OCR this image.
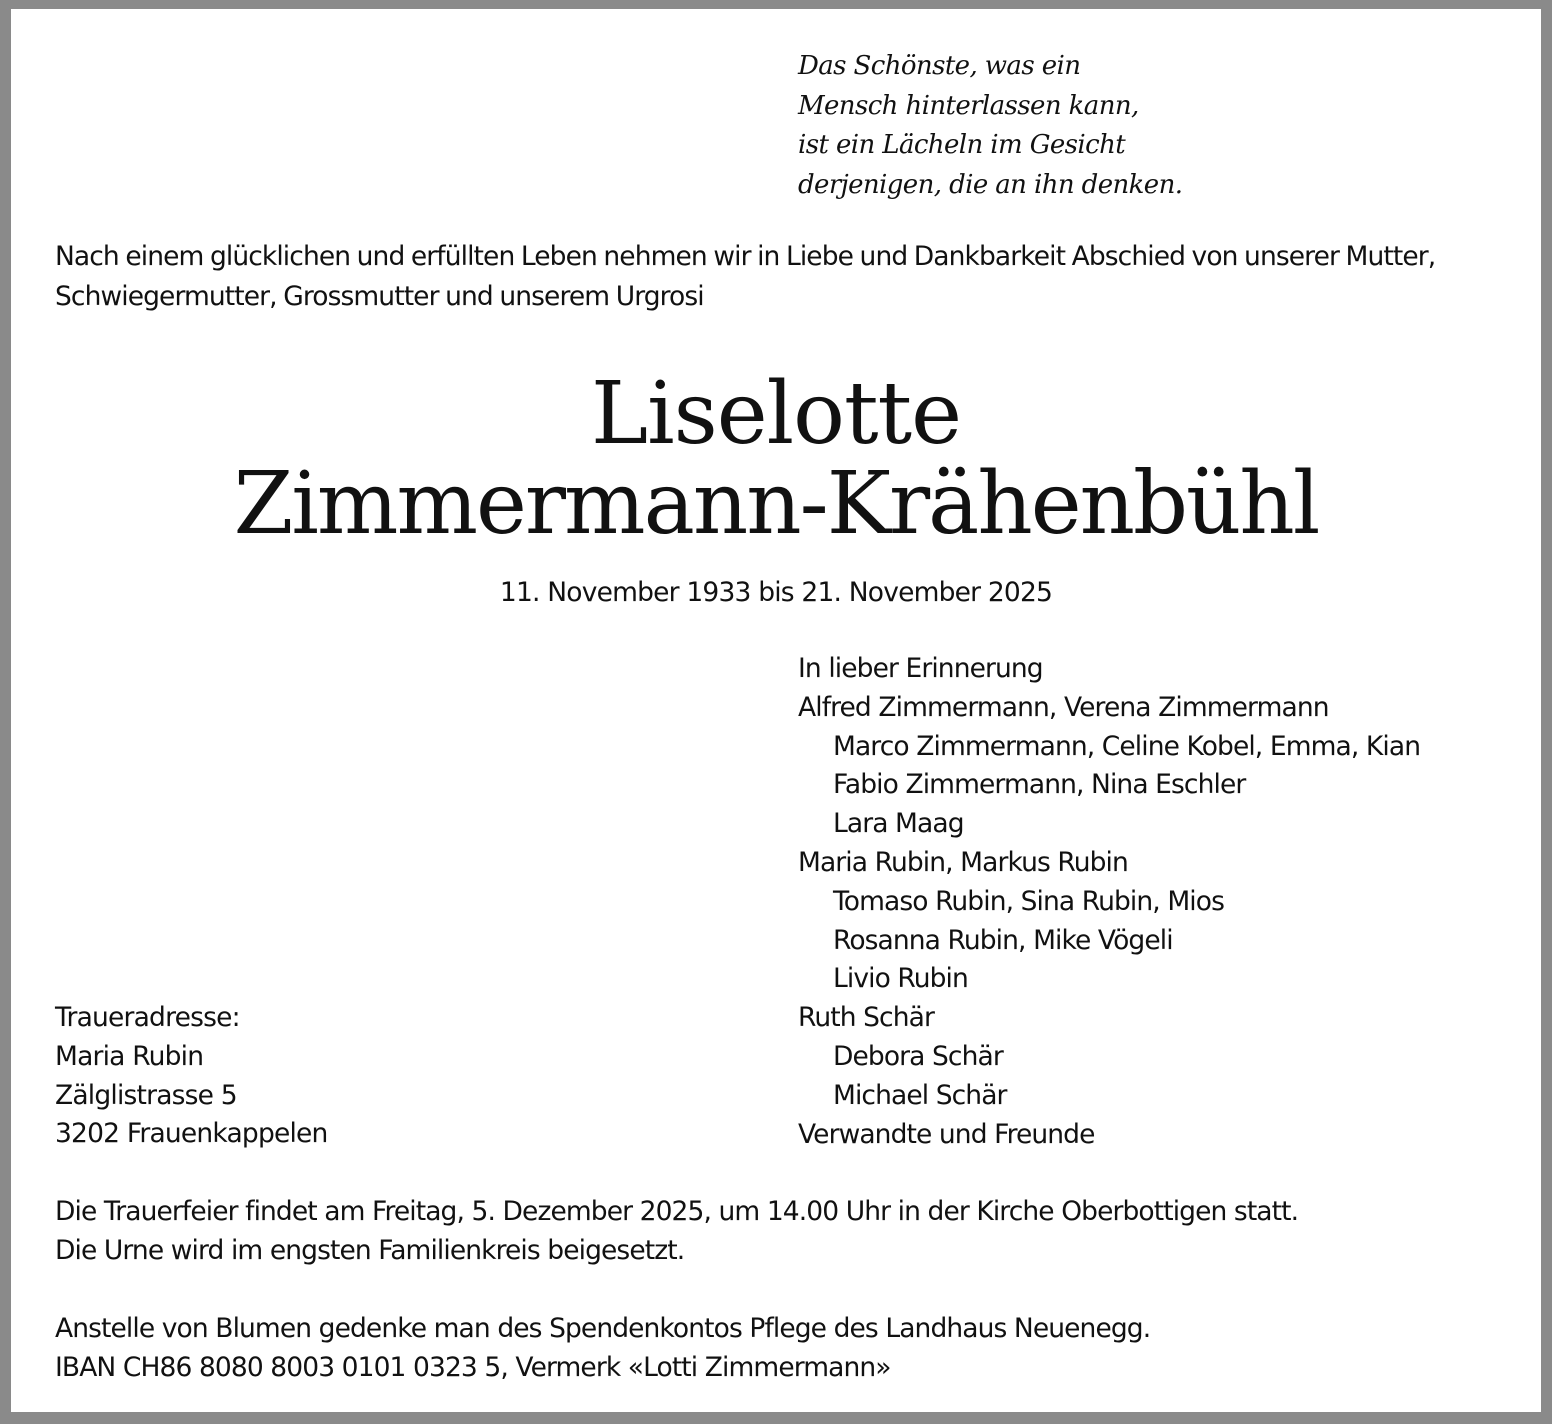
Das Schönste, was ein
Mensch hinterlassen kann,
ist ein Lächeln im Gesicht
derjenigen, die an ihn denken.
Nach einem glücklichen und erfüllten Leben nehmen wir in Liebe und Dankbarkeit Abschied von unserer Mutter,
Schwiegermutter, Grossmutter und unserem Urgrosi
Liselotte
Zimmermann-Krähenbühl
11. November 1933 bis 21. November 2025
In lieber Erinnerung
Alfred Zimmermann, Verena Zimmermann
Marco Zimmermann, Celine Kobel, Emma, Kian
Fabio Zimmermann, Nina Eschler
Lara Maag
Maria Rubin, Markus Rubin
Tomaso Rubin, Sina Rubin, Mios
Rosanna Rubin, Mike Vögeli
Livio Rubin
Ruth Schär
Debora Schär
Michael Schär
Verwandte und Freunde
Traueradresse:
Maria Rubin
Zälglistrasse 5
3202 Frauenkappelen
Die Trauerfeier findet am Freitag, 5. Dezember 2025, um 14.00 Uhr in der Kirche Oberbottigen statt.
Die Urne wird im engsten Familienkreis beigesetzt.
Anstelle von Blumen gedenke man des Spendenkontos Pflege des Landhaus Neuenegg.
IBAN CH86 8080 8003 0101 0323 5, Vermerk «Lotti Zimmermann»
